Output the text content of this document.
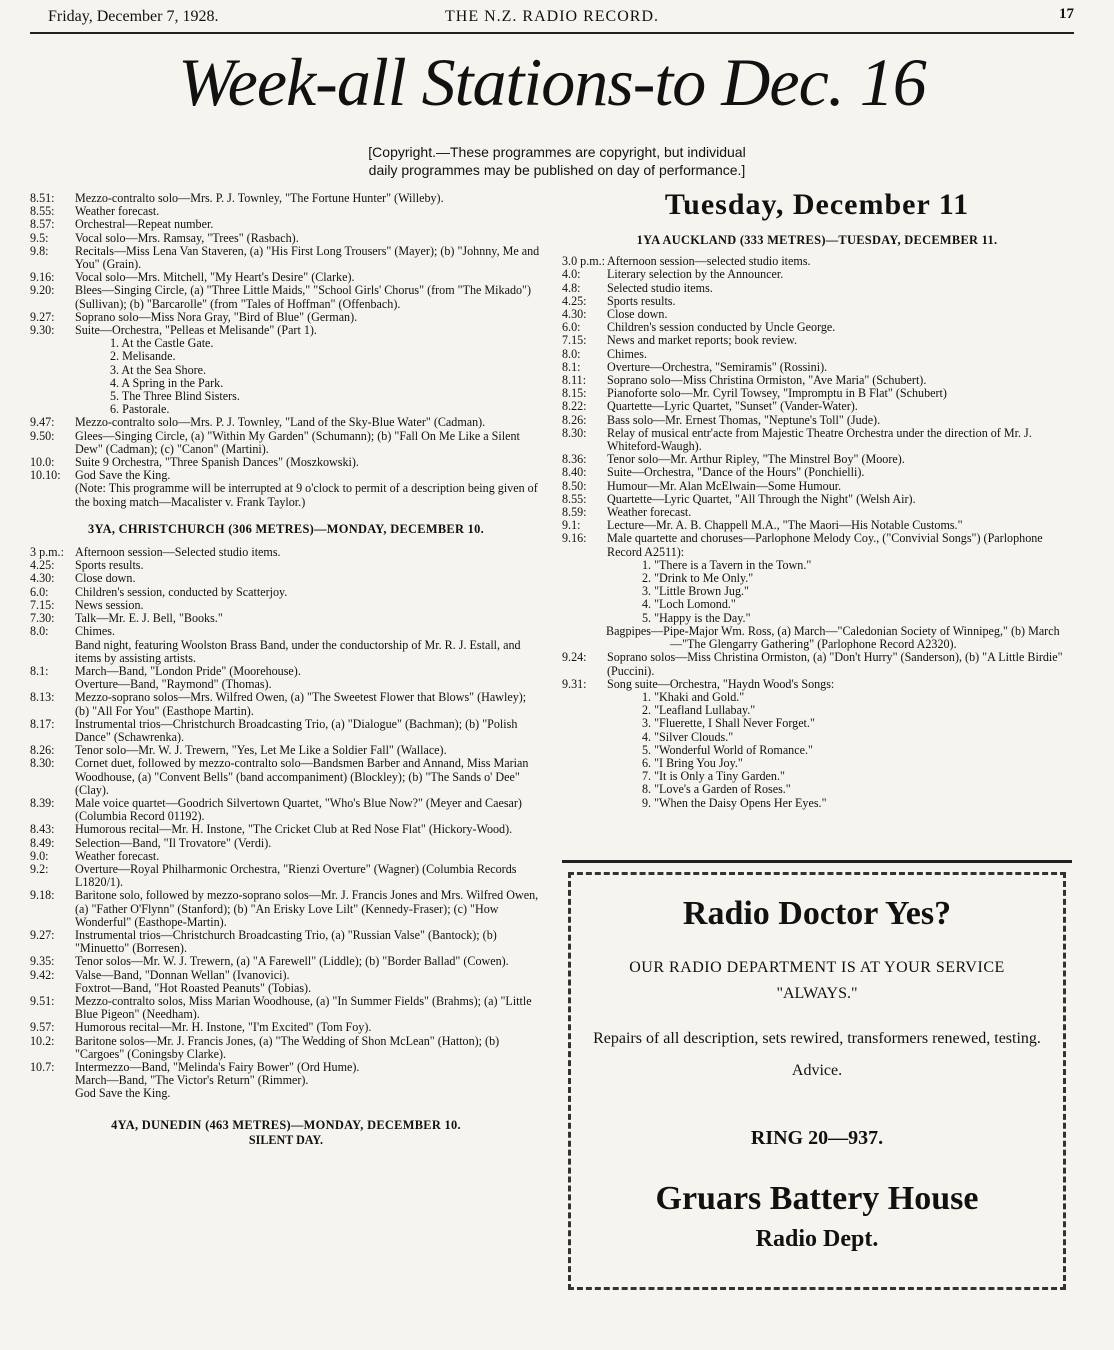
Friday, December 7, 1928.	THE N.Z. RADIO RECORD.	17
Week-all Stations-to Dec. 16
[Copyright.—These programmes are copyright, but individual
daily programmes may be published on day of performance.]
8.51: Mezzo-contralto solo—Mrs. P. J. Townley, "The Fortune Hunter" (Willeby).
8.55: Weather forecast.
8.57: Orchestral—Repeat number.
9.5: Vocal solo—Mrs. Ramsay, "Trees" (Rasbach).
9.8: Recitals—Miss Lena Van Staveren, (a) "His First Long Trousers" (Mayer); (b) "Johnny, Me and You" (Grain).
9.16: Vocal solo—Mrs. Mitchell, "My Heart's Desire" (Clarke).
9.20: Blees—Singing Circle, (a) "Three Little Maids," "School Girls' Chorus" (from "The Mikado") (Sullivan); (b) "Barcarolle" (from "Tales of Hoffman" (Offenbach).
9.27: Soprano solo—Miss Nora Gray, "Bird of Blue" (German).
9.30: Suite—Orchestra, "Pelleas et Melisande" (Part 1).
1. At the Castle Gate.
2. Melisande.
3. At the Sea Shore.
4. A Spring in the Park.
5. The Three Blind Sisters.
6. Pastorale.
9.47: Mezzo-contralto solo—Mrs. P. J. Townley, "Land of the Sky-Blue Water" (Cadman).
9.50: Glees—Singing Circle, (a) "Within My Garden" (Schumann); (b) "Fall On Me Like a Silent Dew" (Cadman); (c) "Canon" (Martini).
10.0: Suite 9 Orchestra, "Three Spanish Dances" (Moszkowski).
10.10: God Save the King.
(Note: This programme will be interrupted at 9 o'clock to permit of a description being given of the boxing match—Macalister v. Frank Taylor.)
3YA, CHRISTCHURCH (306 METRES)—MONDAY, DECEMBER 10.
3 p.m.: Afternoon session—Selected studio items.
4.25: Sports results.
4.30: Close down.
6.0: Children's session, conducted by Scatterjoy.
7.15: News session.
7.30: Talk—Mr. E. J. Bell, "Books."
8.0: Chimes.
Band night, featuring Woolston Brass Band, under the conductorship of Mr. R. J. Estall, and items by assisting artists.
8.1: March—Band, "London Pride" (Moorehouse).
Overture—Band, "Raymond" (Thomas).
8.13: Mezzo-soprano solos—Mrs. Wilfred Owen, (a) "The Sweetest Flower that Blows" (Hawley); (b) "All For You" (Easthope Martin).
8.17: Instrumental trios—Christchurch Broadcasting Trio, (a) "Dialogue" (Bachman); (b) "Polish Dance" (Schawrenka).
8.26: Tenor solo—Mr. W. J. Trewern, "Yes, Let Me Like a Soldier Fall" (Wallace).
8.30: Cornet duet, followed by mezzo-contralto solo—Bandsmen Barber and Annand, Miss Marian Woodhouse, (a) "Convent Bells" (band accompaniment) (Blockley); (b) "The Sands o' Dee" (Clay).
8.39: Male voice quartet—Goodrich Silvertown Quartet, "Who's Blue Now?" (Meyer and Caesar) (Columbia Record 01192).
8.43: Humorous recital—Mr. H. Instone, "The Cricket Club at Red Nose Flat" (Hickory-Wood).
8.49: Selection—Band, "Il Trovatore" (Verdi).
9.0: Weather forecast.
9.2: Overture—Royal Philharmonic Orchestra, "Rienzi Overture" (Wagner) (Columbia Records L1820/1).
9.18: Baritone solo, followed by mezzo-soprano solos—Mr. J. Francis Jones and Mrs. Wilfred Owen, (a) "Father O'Flynn" (Stanford); (b) "An Erisky Love Lilt" (Kennedy-Fraser); (c) "How Wonderful" (Easthope-Martin).
9.27: Instrumental trios—Christchurch Broadcasting Trio, (a) "Russian Valse" (Bantock); (b) "Minuetto" (Borresen).
9.35: Tenor solos—Mr. W. J. Trewern, (a) "A Farewell" (Liddle); (b) "Border Ballad" (Cowen).
9.42: Valse—Band, "Donnan Wellan" (Ivanovici).
Foxtrot—Band, "Hot Roasted Peanuts" (Tobias).
9.51: Mezzo-contralto solos, Miss Marian Woodhouse, (a) "In Summer Fields" (Brahms); (a) "Little Blue Pigeon" (Needham).
9.57: Humorous recital—Mr. H. Instone, "I'm Excited" (Tom Foy).
10.2: Baritone solos—Mr. J. Francis Jones, (a) "The Wedding of Shon McLean" (Hatton); (b) "Cargoes" (Coningsby Clarke).
10.7: Intermezzo—Band, "Melinda's Fairy Bower" (Ord Hume).
March—Band, "The Victor's Return" (Rimmer).
God Save the King.
4YA, DUNEDIN (463 METRES)—MONDAY, DECEMBER 10.
SILENT DAY.
Tuesday, December 11
1YA AUCKLAND (333 METRES)—TUESDAY, DECEMBER 11.
3.0 p.m.: Afternoon session—selected studio items.
4.0: Literary selection by the Announcer.
4.8: Selected studio items.
4.25: Sports results.
4.30: Close down.
6.0: Children's session conducted by Uncle George.
7.15: News and market reports; book review.
8.0: Chimes.
8.1: Overture—Orchestra, "Semiramis" (Rossini).
8.11: Soprano solo—Miss Christina Ormiston, "Ave Maria" (Schubert).
8.15: Pianoforte solo—Mr. Cyril Towsey, "Impromptu in B Flat" (Schubert)
8.22: Quartette—Lyric Quartet, "Sunset" (Vander-Water).
8.26: Bass solo—Mr. Ernest Thomas, "Neptune's Toll" (Jude).
8.30: Relay of musical entr'acte from Majestic Theatre Orchestra under the direction of Mr. J. Whiteford-Waugh).
8.36: Tenor solo—Mr. Arthur Ripley, "The Minstrel Boy" (Moore).
8.40: Suite—Orchestra, "Dance of the Hours" (Ponchielli).
8.50: Humour—Mr. Alan McElwain—Some Humour.
8.55: Quartette—Lyric Quartet, "All Through the Night" (Welsh Air).
8.59: Weather forecast.
9.1: Lecture—Mr. A. B. Chappell M.A., "The Maori—His Notable Customs."
9.16: Male quartette and choruses—Parlophone Melody Coy., ("Convivial Songs") (Parlophone Record A2511):
1. "There is a Tavern in the Town."
2. "Drink to Me Only."
3. "Little Brown Jug."
4. "Loch Lomond."
5. "Happy is the Day."
Bagpipes—Pipe-Major Wm. Ross, (a) March—"Caledonian Society of Winnipeg," (b) March—"The Glengarry Gathering" (Parlophone Record A2320).
9.24: Soprano solos—Miss Christina Ormiston, (a) "Don't Hurry" (Sanderson), (b) "A Little Birdie" (Puccini).
9.31: Song suite—Orchestra, "Haydn Wood's Songs:
1. "Khaki and Gold."
2. "Leafland Lullabay."
3. "Fluerette, I Shall Never Forget."
4. "Silver Clouds."
5. "Wonderful World of Romance."
6. "I Bring You Joy."
7. "It is Only a Tiny Garden."
8. "Love's a Garden of Roses."
9. "When the Daisy Opens Her Eyes."
Radio Doctor Yes?
OUR RADIO DEPARTMENT IS AT YOUR SERVICE
"ALWAYS."
Repairs of all description, sets rewired, transformers renewed, testing. Advice.
RING 20—937.
Gruars Battery House
Radio Dept.
